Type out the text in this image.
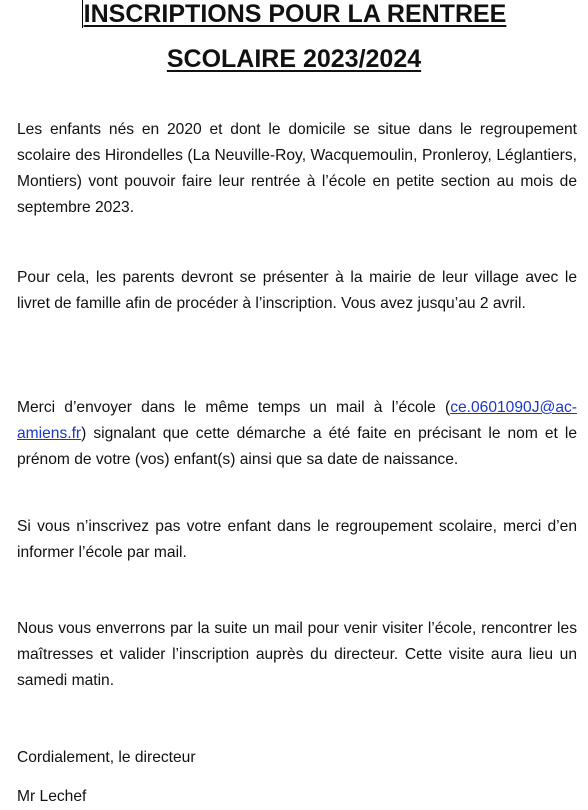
INSCRIPTIONS POUR LA RENTREE
SCOLAIRE 2023/2024

Les enfants nés en 2020 et dont le domicile se situe dans le regroupement scolaire des Hirondelles (La Neuville-Roy, Wacquemoulin, Pronleroy, Léglantiers, Montiers) vont pouvoir faire leur rentrée à l’école en petite section au mois de septembre 2023.

Pour cela, les parents devront se présenter à la mairie de leur village avec le livret de famille afin de procéder à l’inscription. Vous avez jusqu’au 2 avril.

Merci d’envoyer dans le même temps un mail à l’école (ce.0601090J@ac-amiens.fr) signalant que cette démarche a été faite en précisant le nom et le prénom de votre (vos) enfant(s) ainsi que sa date de naissance.

Si vous n’inscrivez pas votre enfant dans le regroupement scolaire, merci d’en informer l’école par mail.

Nous vous enverrons par la suite un mail pour venir visiter l’école, rencontrer les maîtresses et valider l’inscription auprès du directeur. Cette visite aura lieu un samedi matin.

Cordialement, le directeur

Mr Lechef
